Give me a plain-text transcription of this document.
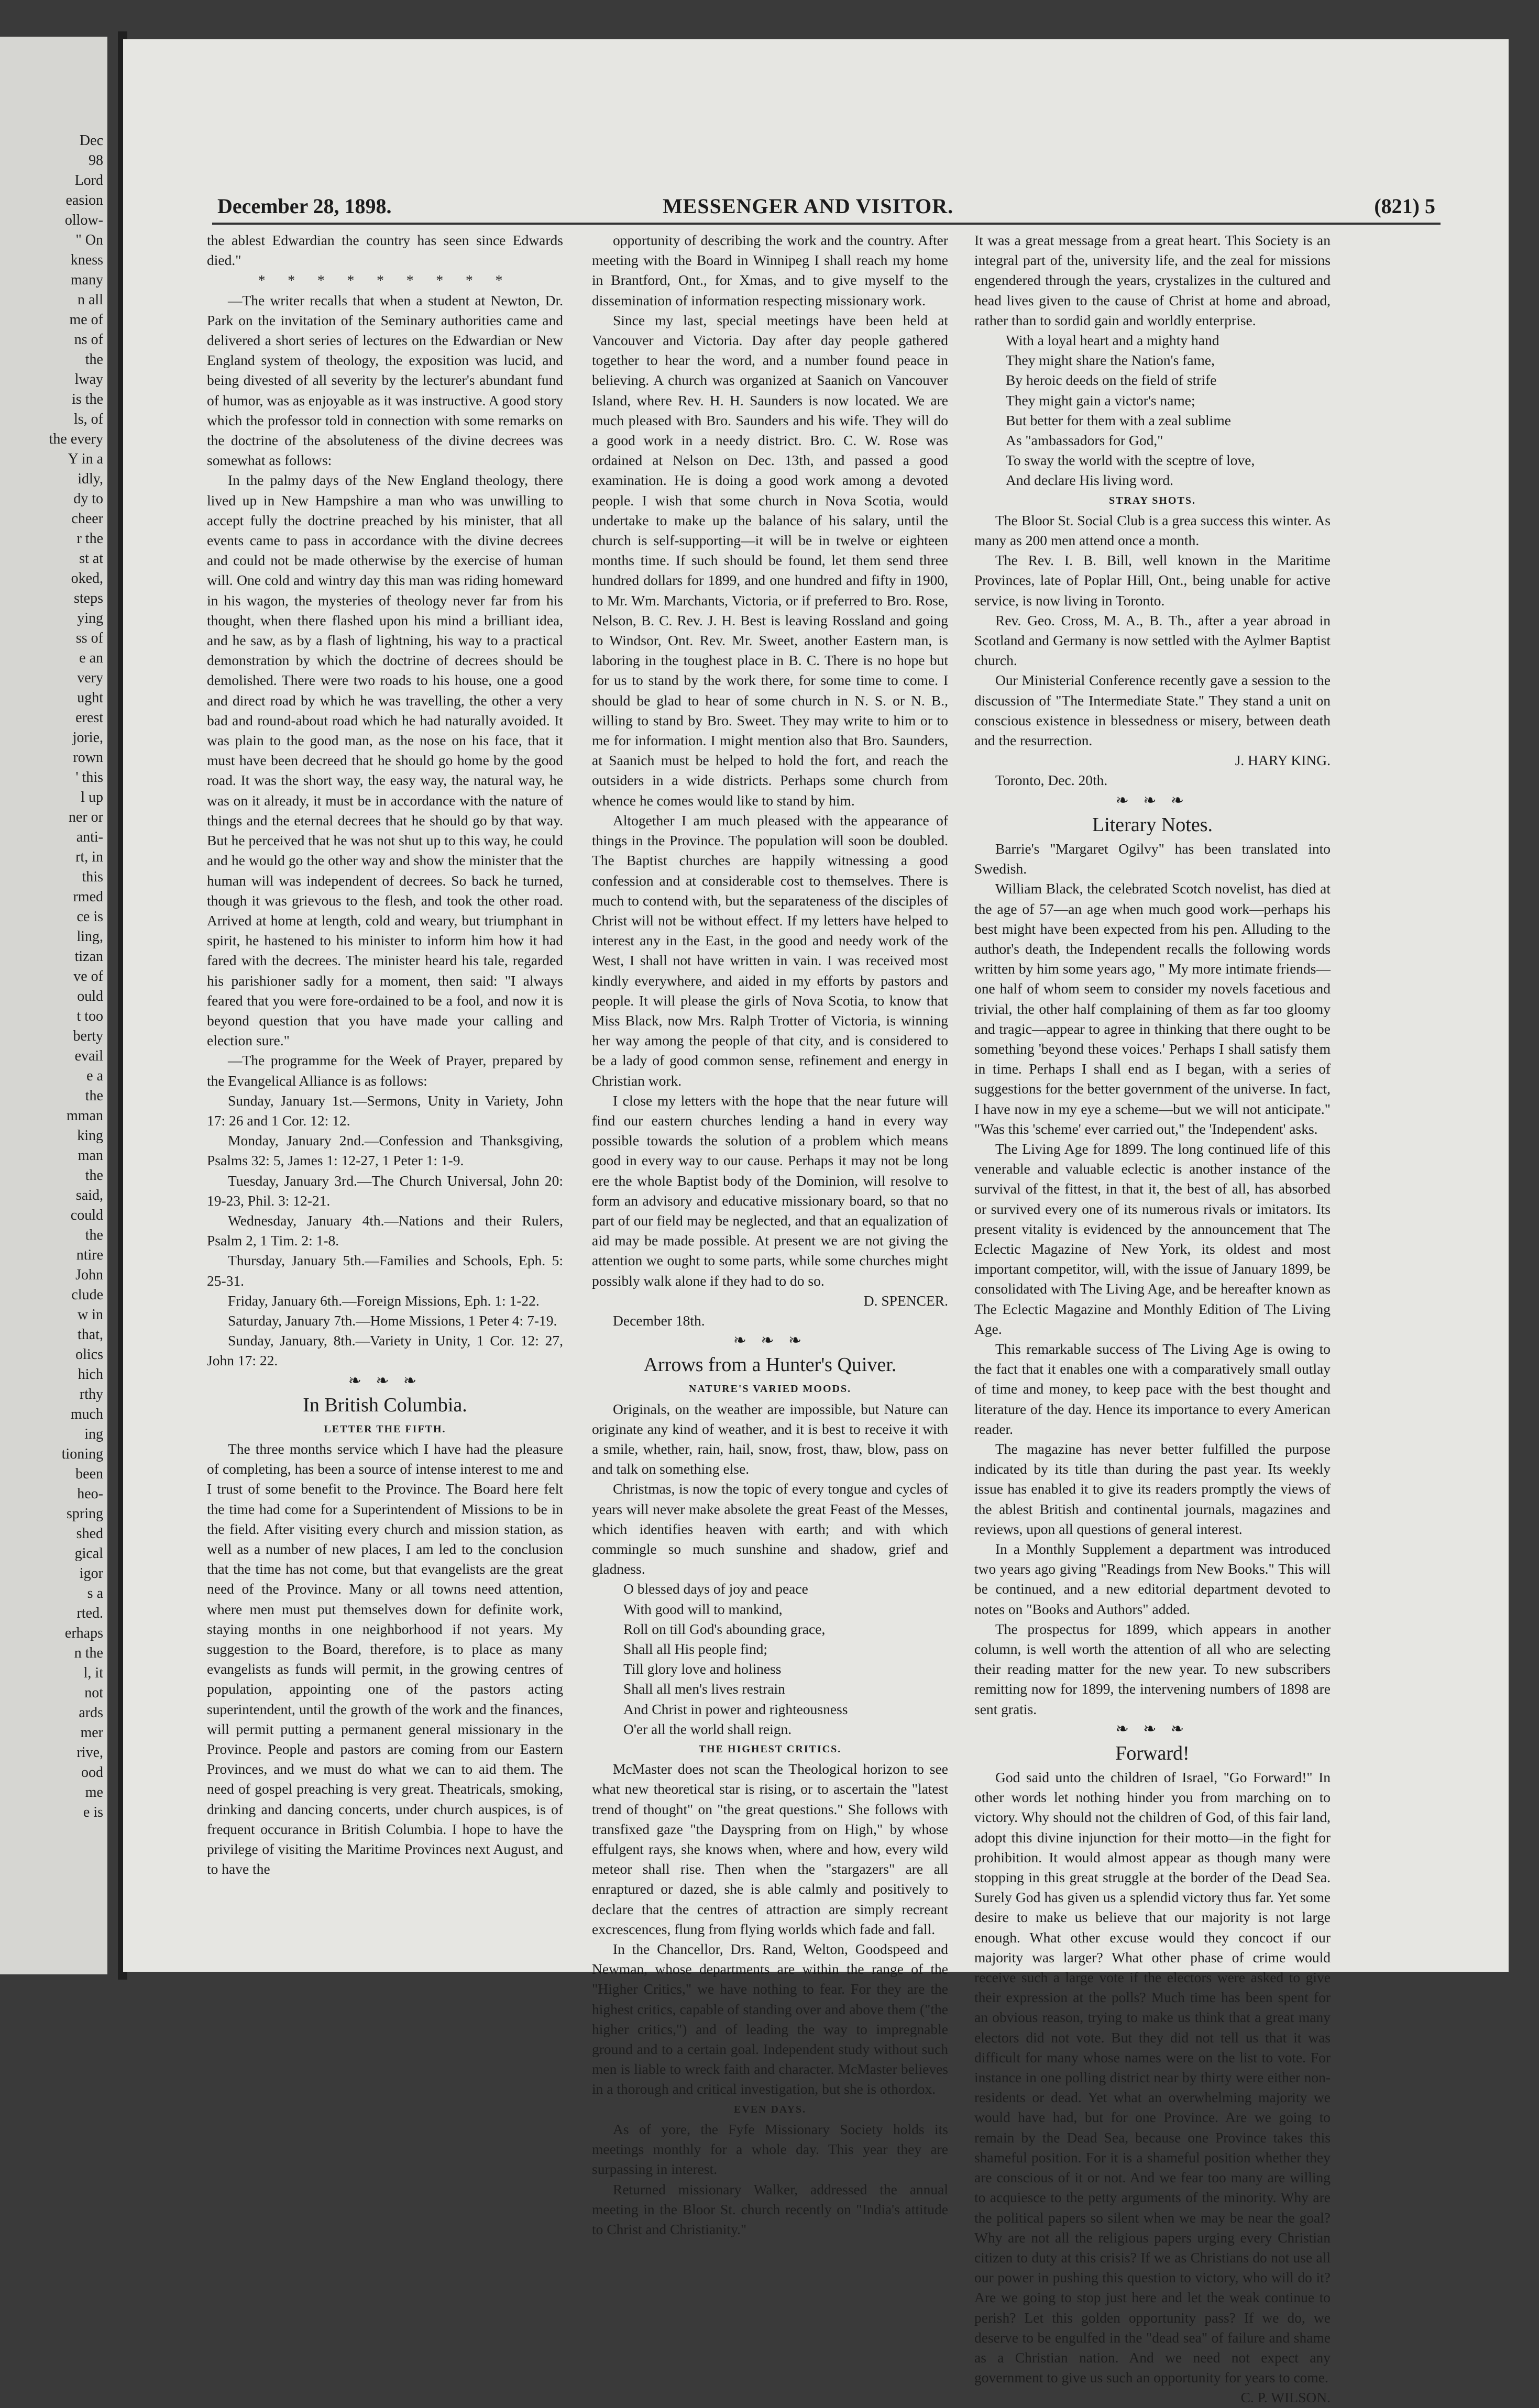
Dec
98
Lord
easion
ollow-
" On
kness
many
n all
me of
ns of
the
lway
is the
ls, of
the every
Y in a
idly,
dy to
cheer
r the
st at
oked,
steps
ying
ss of
e an
very
ught
erest
jorie,
rown
' this
l up
ner or
anti-
rt, in
this
rmed
ce is
ling,
tizan
ve of
ould
t too
berty
evail
e a
the
mman
king
man
the
said,
could
the
ntire
John
clude
w in
that,
olics
hich
rthy
much
ing
tioning
been
heo-
spring
shed
gical
igor
s a
rted.
erhaps
n the
l, it
not
ards
mer
rive,
ood
me
e is
December 28, 1898.	MESSENGER AND VISITOR.	(821) 5

the ablest Edwardian the country has seen since Edwards died."

* * * * * * * * *

—The writer recalls that when a student at Newton, Dr. Park on the invitation of the Seminary authorities came and delivered a short series of lectures on the Edwardian or New England system of theology, the exposition was lucid, and being divested of all severity by the lecturer's abundant fund of humor, was as enjoyable as it was instructive. A good story which the professor told in connection with some remarks on the doctrine of the absoluteness of the divine decrees was somewhat as follows:

In the palmy days of the New England theology, there lived up in New Hampshire a man who was unwilling to accept fully the doctrine preached by his minister, that all events came to pass in accordance with the divine decrees and could not be made otherwise by the exercise of human will. One cold and wintry day this man was riding homeward in his wagon, the mysteries of theology never far from his thought, when there flashed upon his mind a brilliant idea, and he saw, as by a flash of lightning, his way to a practical demonstration by which the doctrine of decrees should be demolished. There were two roads to his house, one a good and direct road by which he was travelling, the other a very bad and round-about road which he had naturally avoided. It was plain to the good man, as the nose on his face, that it must have been decreed that he should go home by the good road. It was the short way, the easy way, the natural way, he was on it already, it must be in accordance with the nature of things and the eternal decrees that he should go by that way. But he perceived that he was not shut up to this way, he could and he would go the other way and show the minister that the human will was independent of decrees. So back he turned, though it was grievous to the flesh, and took the other road. Arrived at home at length, cold and weary, but triumphant in spirit, he hastened to his minister to inform him how it had fared with the decrees. The minister heard his tale, regarded his parishioner sadly for a moment, then said: "I always feared that you were fore-ordained to be a fool, and now it is beyond question that you have made your calling and election sure."

—The programme for the Week of Prayer, prepared by the Evangelical Alliance is as follows:

Sunday, January 1st.—Sermons, Unity in Variety, John 17: 26 and 1 Cor. 12: 12.

Monday, January 2nd.—Confession and Thanksgiving, Psalms 32: 5, James 1: 12-27, 1 Peter 1: 1-9.

Tuesday, January 3rd.—The Church Universal, John 20: 19-23, Phil. 3: 12-21.

Wednesday, January 4th.—Nations and their Rulers, Psalm 2, 1 Tim. 2: 1-8.

Thursday, January 5th.—Families and Schools, Eph. 5: 25-31.

Friday, January 6th.—Foreign Missions, Eph. 1: 1-22.

Saturday, January 7th.—Home Missions, 1 Peter 4: 7-19.

Sunday, January, 8th.—Variety in Unity, 1 Cor. 12: 27, John 17: 22.

❧ ❧ ❧

In British Columbia.

LETTER THE FIFTH.

The three months service which I have had the pleasure of completing, has been a source of intense interest to me and I trust of some benefit to the Province. The Board here felt the time had come for a Superintendent of Missions to be in the field. After visiting every church and mission station, as well as a number of new places, I am led to the conclusion that the time has not come, but that evangelists are the great need of the Province. Many or all towns need attention, where men must put themselves down for definite work, staying months in one neighborhood if not years. My suggestion to the Board, therefore, is to place as many evangelists as funds will permit, in the growing centres of population, appointing one of the pastors acting superintendent, until the growth of the work and the finances, will permit putting a permanent general missionary in the Province. People and pastors are coming from our Eastern Provinces, and we must do what we can to aid them. The need of gospel preaching is very great. Theatricals, smoking, drinking and dancing concerts, under church auspices, is of frequent occurance in British Columbia. I hope to have the privilege of visiting the Maritime Provinces next August, and to have the

opportunity of describing the work and the country. After meeting with the Board in Winnipeg I shall reach my home in Brantford, Ont., for Xmas, and to give myself to the dissemination of information respecting missionary work.

Since my last, special meetings have been held at Vancouver and Victoria. Day after day people gathered together to hear the word, and a number found peace in believing. A church was organized at Saanich on Vancouver Island, where Rev. H. H. Saunders is now located. We are much pleased with Bro. Saunders and his wife. They will do a good work in a needy district. Bro. C. W. Rose was ordained at Nelson on Dec. 13th, and passed a good examination. He is doing a good work among a devoted people. I wish that some church in Nova Scotia, would undertake to make up the balance of his salary, until the church is self-supporting—it will be in twelve or eighteen months time. If such should be found, let them send three hundred dollars for 1899, and one hundred and fifty in 1900, to Mr. Wm. Marchants, Victoria, or if preferred to Bro. Rose, Nelson, B. C. Rev. J. H. Best is leaving Rossland and going to Windsor, Ont. Rev. Mr. Sweet, another Eastern man, is laboring in the toughest place in B. C. There is no hope but for us to stand by the work there, for some time to come. I should be glad to hear of some church in N. S. or N. B., willing to stand by Bro. Sweet. They may write to him or to me for information. I might mention also that Bro. Saunders, at Saanich must be helped to hold the fort, and reach the outsiders in a wide districts. Perhaps some church from whence he comes would like to stand by him.

Altogether I am much pleased with the appearance of things in the Province. The population will soon be doubled. The Baptist churches are happily witnessing a good confession and at considerable cost to themselves. There is much to contend with, but the separateness of the disciples of Christ will not be without effect. If my letters have helped to interest any in the East, in the good and needy work of the West, I shall not have written in vain. I was received most kindly everywhere, and aided in my efforts by pastors and people. It will please the girls of Nova Scotia, to know that Miss Black, now Mrs. Ralph Trotter of Victoria, is winning her way among the people of that city, and is considered to be a lady of good common sense, refinement and energy in Christian work.

I close my letters with the hope that the near future will find our eastern churches lending a hand in every way possible towards the solution of a problem which means good in every way to our cause. Perhaps it may not be long ere the whole Baptist body of the Dominion, will resolve to form an advisory and educative missionary board, so that no part of our field may be neglected, and that an equalization of aid may be made possible. At present we are not giving the attention we ought to some parts, while some churches might possibly walk alone if they had to do so.

D. SPENCER.

December 18th.

❧ ❧ ❧

Arrows from a Hunter's Quiver.

NATURE'S VARIED MOODS.

Originals, on the weather are impossible, but Nature can originate any kind of weather, and it is best to receive it with a smile, whether, rain, hail, snow, frost, thaw, blow, pass on and talk on something else.

Christmas, is now the topic of every tongue and cycles of years will never make absolete the great Feast of the Messes, which identifies heaven with earth; and with which commingle so much sunshine and shadow, grief and gladness.

O blessed days of joy and peace

With good will to mankind,

Roll on till God's abounding grace,

Shall all His people find;

Till glory love and holiness

Shall all men's lives restrain

And Christ in power and righteousness

O'er all the world shall reign.

THE HIGHEST CRITICS.

McMaster does not scan the Theological horizon to see what new theoretical star is rising, or to ascertain the "latest trend of thought" on "the great questions." She follows with transfixed gaze "the Dayspring from on High," by whose effulgent rays, she knows when, where and how, every wild meteor shall rise. Then when the "stargazers" are all enraptured or dazed, she is able calmly and positively to declare that the centres of attraction are simply recreant excrescences, flung from flying worlds which fade and fall.

In the Chancellor, Drs. Rand, Welton, Goodspeed and Newman, whose departments are within the range of the "Higher Critics," we have nothing to fear. For they are the highest critics, capable of standing over and above them ("the higher critics,") and of leading the way to impregnable ground and to a certain goal. Independent study without such men is liable to wreck faith and character. McMaster believes in a thorough and critical investigation, but she is othordox.

EVEN DAYS.

As of yore, the Fyfe Missionary Society holds its meetings monthly for a whole day. This year they are surpassing in interest.

Returned missionary Walker, addressed the annual meeting in the Bloor St. church recently on "India's attitude to Christ and Christianity."

It was a great message from a great heart. This Society is an integral part of the, university life, and the zeal for missions engendered through the years, crystalizes in the cultured and head lives given to the cause of Christ at home and abroad, rather than to sordid gain and worldly enterprise.

With a loyal heart and a mighty hand

They might share the Nation's fame,

By heroic deeds on the field of strife

They might gain a victor's name;

But better for them with a zeal sublime

As "ambassadors for God,"

To sway the world with the sceptre of love,

And declare His living word.

STRAY SHOTS.

The Bloor St. Social Club is a grea success this winter. As many as 200 men attend once a month.

The Rev. I. B. Bill, well known in the Maritime Provinces, late of Poplar Hill, Ont., being unable for active service, is now living in Toronto.

Rev. Geo. Cross, M. A., B. Th., after a year abroad in Scotland and Germany is now settled with the Aylmer Baptist church.

Our Ministerial Conference recently gave a session to the discussion of "The Intermediate State." They stand a unit on conscious existence in blessedness or misery, between death and the resurrection.

J. HARY KING.

Toronto, Dec. 20th.

❧ ❧ ❧

Literary Notes.

Barrie's "Margaret Ogilvy" has been translated into Swedish.

William Black, the celebrated Scotch novelist, has died at the age of 57—an age when much good work—perhaps his best might have been expected from his pen. Alluding to the author's death, the Independent recalls the following words written by him some years ago, " My more intimate friends—one half of whom seem to consider my novels facetious and trivial, the other half complaining of them as far too gloomy and tragic—appear to agree in thinking that there ought to be something 'beyond these voices.' Perhaps I shall satisfy them in time. Perhaps I shall end as I began, with a series of suggestions for the better government of the universe. In fact, I have now in my eye a scheme—but we will not anticipate." "Was this 'scheme' ever carried out," the 'Independent' asks.

The Living Age for 1899. The long continued life of this venerable and valuable eclectic is another instance of the survival of the fittest, in that it, the best of all, has absorbed or survived every one of its numerous rivals or imitators. Its present vitality is evidenced by the announcement that The Eclectic Magazine of New York, its oldest and most important competitor, will, with the issue of January 1899, be consolidated with The Living Age, and be hereafter known as The Eclectic Magazine and Monthly Edition of The Living Age.

This remarkable success of The Living Age is owing to the fact that it enables one with a comparatively small outlay of time and money, to keep pace with the best thought and literature of the day. Hence its importance to every American reader.

The magazine has never better fulfilled the purpose indicated by its title than during the past year. Its weekly issue has enabled it to give its readers promptly the views of the ablest British and continental journals, magazines and reviews, upon all questions of general interest.

In a Monthly Supplement a department was introduced two years ago giving "Readings from New Books." This will be continued, and a new editorial department devoted to notes on "Books and Authors" added.

The prospectus for 1899, which appears in another column, is well worth the attention of all who are selecting their reading matter for the new year. To new subscribers remitting now for 1899, the intervening numbers of 1898 are sent gratis.

❧ ❧ ❧

Forward!

God said unto the children of Israel, "Go Forward!" In other words let nothing hinder you from marching on to victory. Why should not the children of God, of this fair land, adopt this divine injunction for their motto—in the fight for prohibition. It would almost appear as though many were stopping in this great struggle at the border of the Dead Sea. Surely God has given us a splendid victory thus far. Yet some desire to make us believe that our majority is not large enough. What other excuse would they concoct if our majority was larger? What other phase of crime would receive such a large vote if the electors were asked to give their expression at the polls? Much time has been spent for an obvious reason, trying to make us think that a great many electors did not vote. But they did not tell us that it was difficult for many whose names were on the list to vote. For instance in one polling district near by thirty were either non-residents or dead. Yet what an overwhelming majority we would have had, but for one Province. Are we going to remain by the Dead Sea, because one Province takes this shameful position. For it is a shameful position whether they are conscious of it or not. And we fear too many are willing to acquiesce to the petty arguments of the minority. Why are the political papers so silent when we may be near the goal? Why are not all the religious papers urging every Christian citizen to duty at this crisis? If we as Christians do not use all our power in pushing this question to victory, who will do it? Are we going to stop just here and let the weak continue to perish? Let this golden opportunity pass? If we do, we deserve to be engulfed in the "dead sea" of failure and shame as a Christian nation. And we need not expect any government to give us such an opportunity for years to come.

C. P. WILSON.
